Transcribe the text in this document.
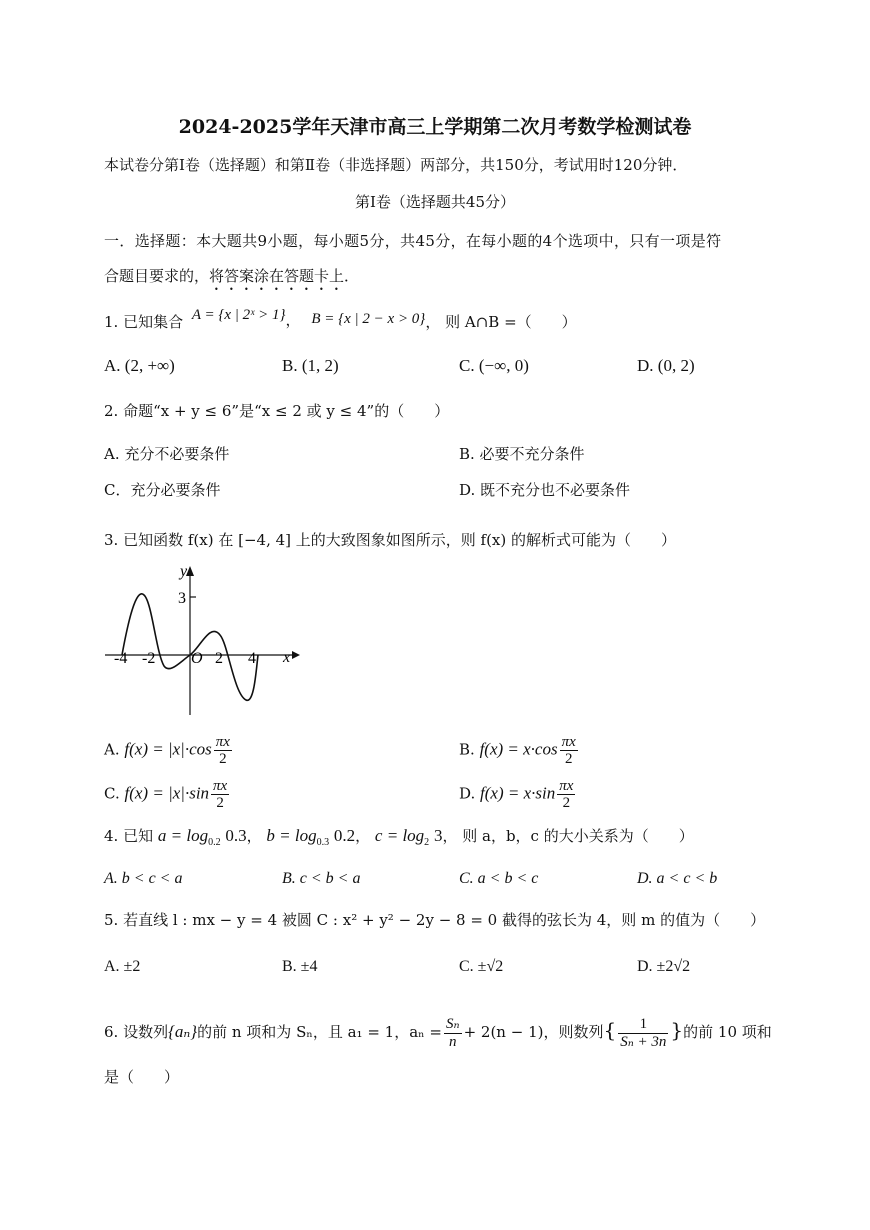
2024-2025学年天津市高三上学期第二次月考数学检测试卷
本试卷分第Ⅰ卷（选择题）和第Ⅱ卷（非选择题）两部分，共150分，考试用时120分钟．
第Ⅰ卷（选择题共45分）
一．选择题：本大题共9小题，每小题5分，共45分，在每小题的4个选项中，只有一项是符
合题目要求的，将答案涂在答题卡上．
1. 已知集合 A = {x | 2ˣ > 1}， B = {x | 2 − x > 0}， 则 A∩B =（　　）
A. (2, +∞)	B. (1, 2)	C. (−∞, 0)	D. (0, 2)
2. 命题“x + y ≤ 6”是“x ≤ 2 或 y ≤ 4”的（　　）
A. 充分不必要条件	B. 必要不充分条件
C．充分必要条件	D. 既不充分也不必要条件
3. 已知函数 f(x) 在 [−4, 4] 上的大致图象如图所示，则 f(x) 的解析式可能为（　　）
y
x
3
O
-4 -2	2 4
A. $f(x) = |x|\cdot\cos \frac{\pi x}{2}$	B. $f(x) = x\cdot\cos \frac{\pi x}{2}$
C. $f(x) = |x|\cdot\sin \frac{\pi x}{2}$	D. $f(x) = x\cdot\sin \frac{\pi x}{2}$
4. 已知 $a = \log_{0.2} 0.3$， $b = \log_{0.3} 0.2$， $c = \log_2 3$， 则 a，b，c 的大小关系为（　　）
A. b < c < a	B. c < b < a	C. a < b < c	D. a < c < b
5. 若直线 l : mx − y = 4 被圆 C : x² + y² − 2y − 8 = 0 截得的弦长为 4，则 m 的值为（　　）
A. ±2	B. ±4	C. ±√2	D. ±2√2
6. 设数列{aₙ}的前 n 项和为 Sₙ，且 a₁ = 1，$a_n = \frac{\text{Sₙ}}{n} + 2(n - 1)$，则数列{ $\frac{1}{\text{Sₙ + 3n}}$ }的前 10 项和
是（　　）
